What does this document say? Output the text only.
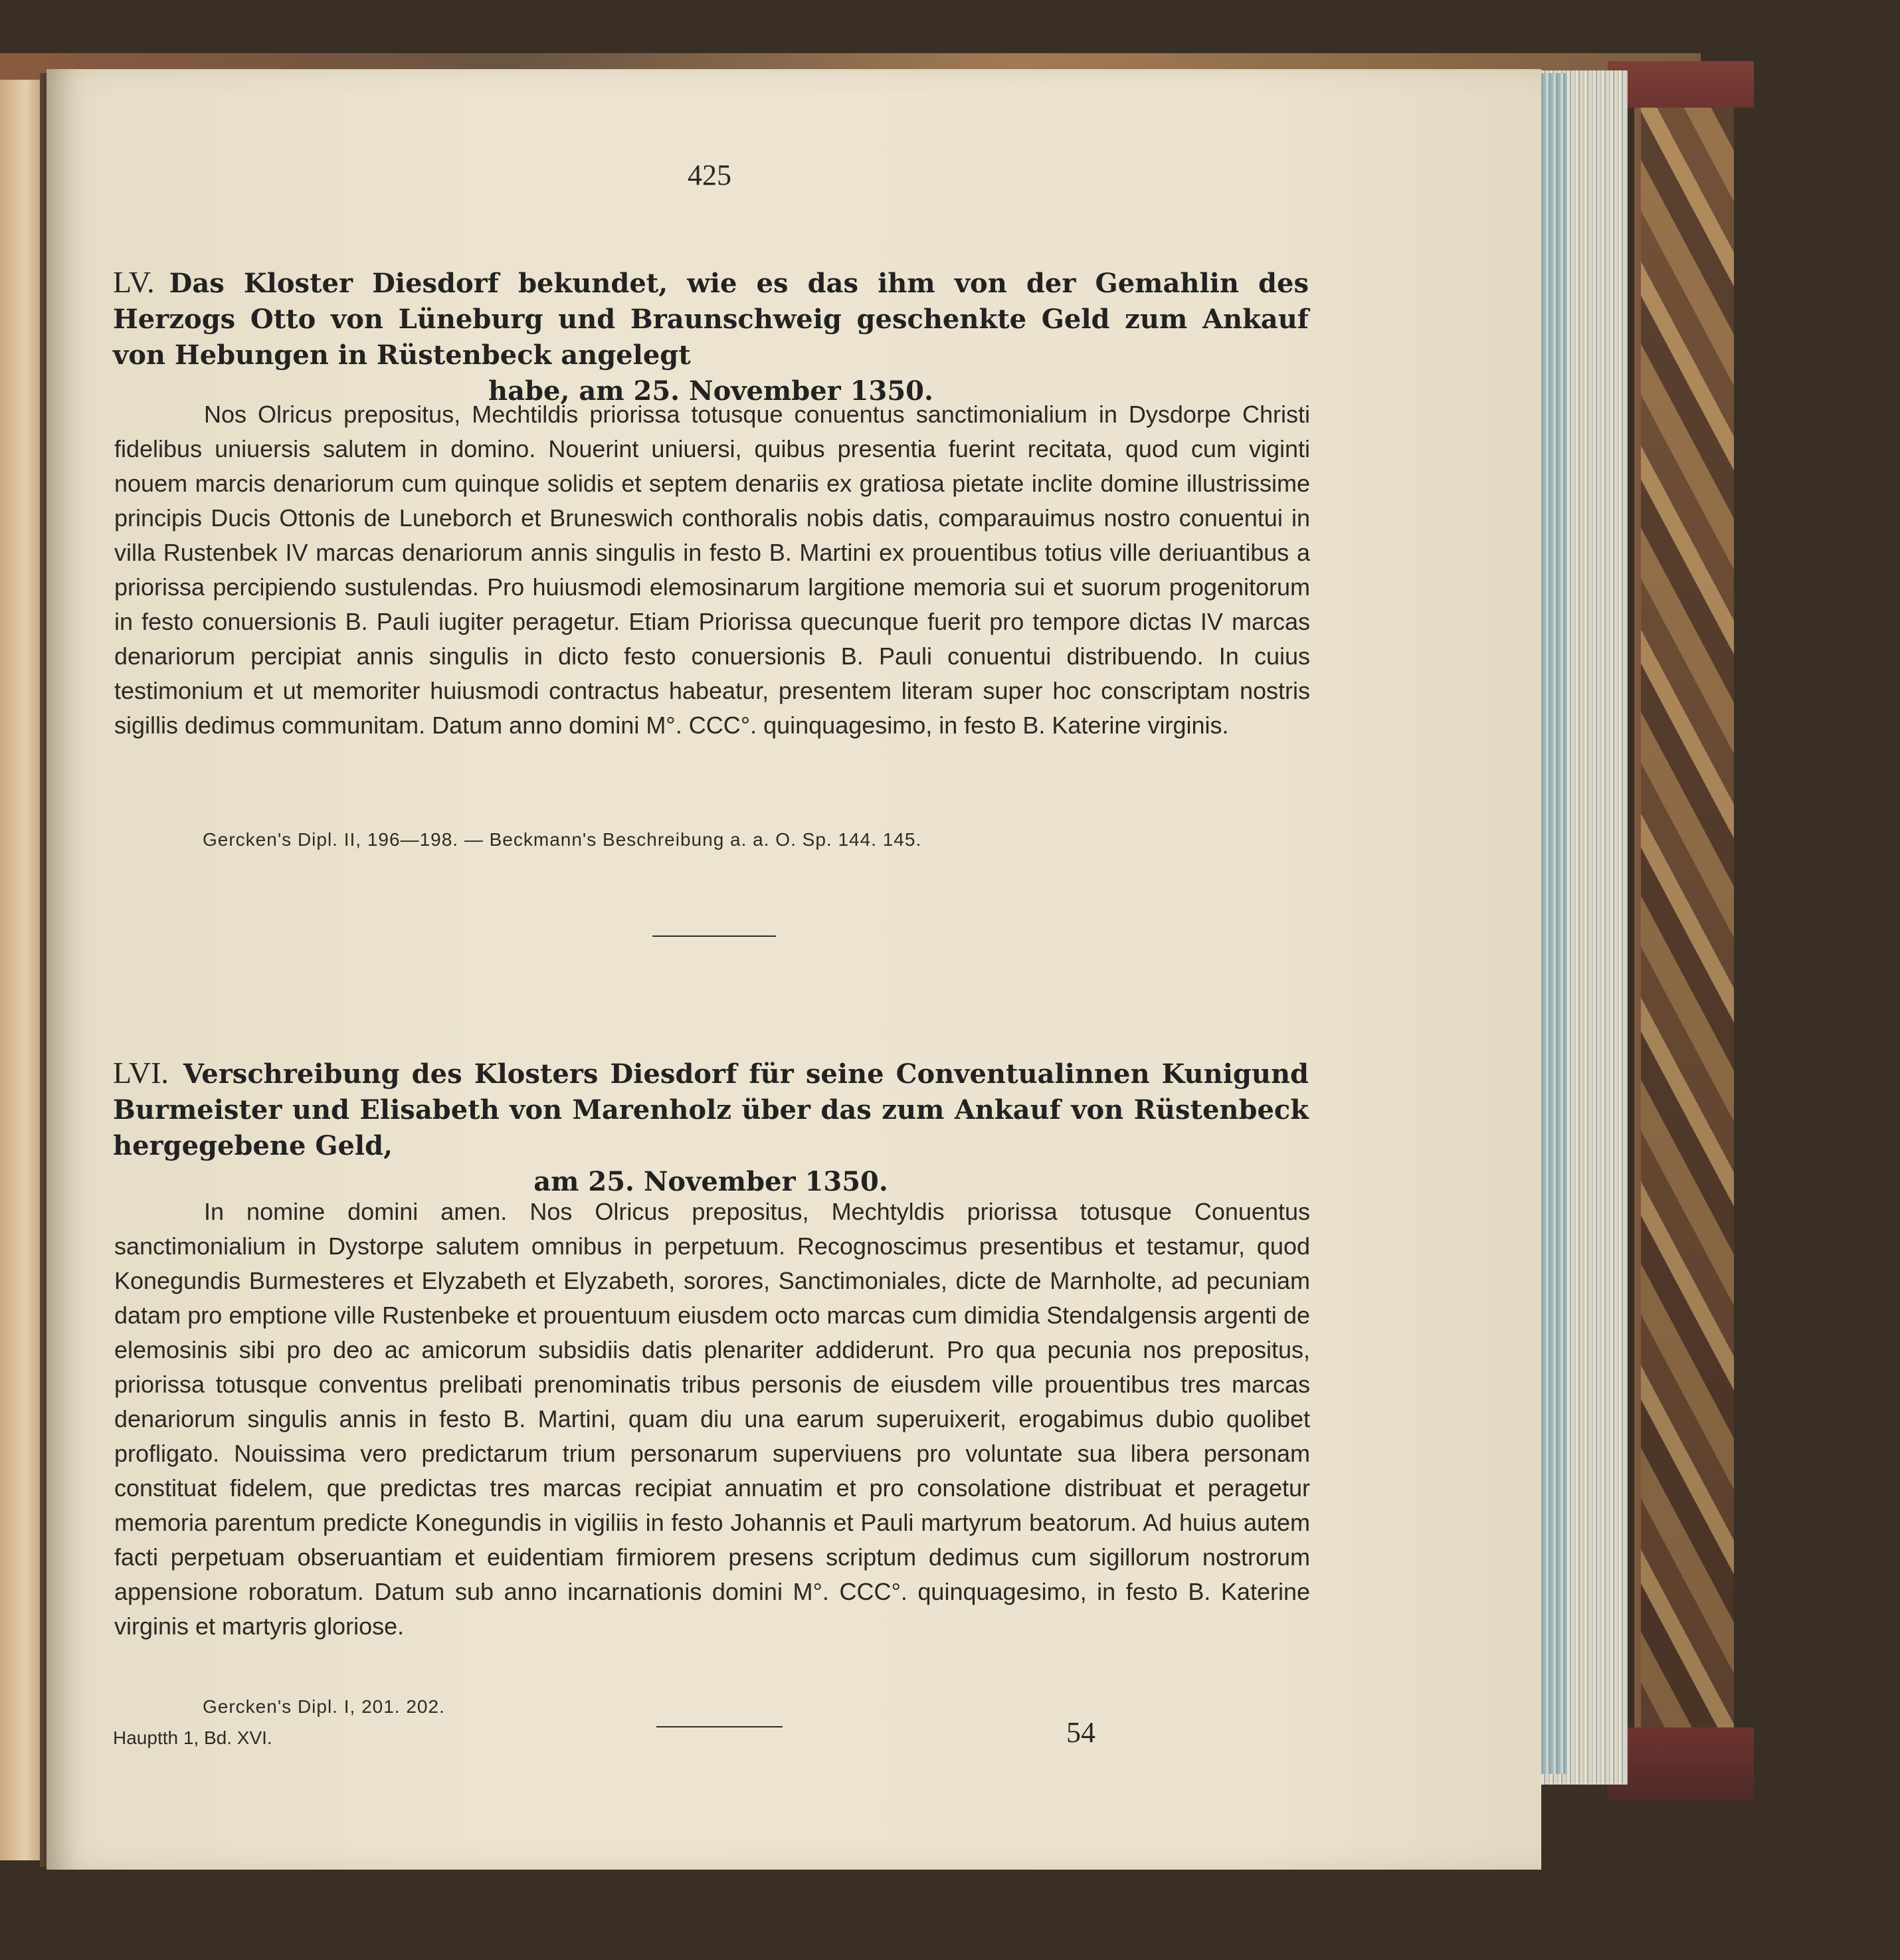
425
LV. Das Kloster Diesdorf bekundet, wie es das ihm von der Gemahlin des Herzogs Otto von Lüneburg und Braunschweig geschenkte Geld zum Ankauf von Hebungen in Rüstenbeck angelegt
habe, am 25. November 1350.

Nos Olricus prepositus, Mechtildis priorissa totusque conuentus sanctimonialium in Dysdorpe Christi fidelibus uniuersis salutem in domino. Nouerint uniuersi, quibus presentia fuerint recitata, quod cum viginti nouem marcis denariorum cum quinque solidis et septem denariis ex gratiosa pietate inclite domine illustrissime principis Ducis Ottonis de Luneborch et Bruneswich conthoralis nobis datis, comparauimus nostro conuentui in villa Rustenbek IV marcas denariorum annis singulis in festo B. Martini ex prouentibus totius ville deriuantibus a priorissa percipiendo sustulendas. Pro huiusmodi elemosinarum largitione memoria sui et suorum progenitorum in festo conuersionis B. Pauli iugiter peragetur. Etiam Priorissa quecunque fuerit pro tempore dictas IV marcas denariorum percipiat annis singulis in dicto festo conuersionis B. Pauli conuentui distribuendo. In cuius testimonium et ut memoriter huiusmodi contractus habeatur, presentem literam super hoc conscriptam nostris sigillis dedimus communitam. Datum anno domini M°. CCC°. quinquagesimo, in festo B. Katerine virginis.

Gercken's Dipl. II, 196—198. — Beckmann's Beschreibung a. a. O. Sp. 144. 145.
LVI. Verschreibung des Klosters Diesdorf für seine Conventualinnen Kunigund Burmeister und Elisabeth von Marenholz über das zum Ankauf von Rüstenbeck hergegebene Geld,
am 25. November 1350.

In nomine domini amen. Nos Olricus prepositus, Mechtyldis priorissa totusque Conuentus sanctimonialium in Dystorpe salutem omnibus in perpetuum. Recognoscimus presentibus et testamur, quod Konegundis Burmesteres et Elyzabeth et Elyzabeth, sorores, Sanctimoniales, dicte de Marnholte, ad pecuniam datam pro emptione ville Rustenbeke et prouentuum eiusdem octo marcas cum dimidia Stendalgensis argenti de elemosinis sibi pro deo ac amicorum subsidiis datis plenariter addiderunt. Pro qua pecunia nos prepositus, priorissa totusque conventus prelibati prenominatis tribus personis de eiusdem ville prouentibus tres marcas denariorum singulis annis in festo B. Martini, quam diu una earum superuixerit, erogabimus dubio quolibet profligato. Nouissima vero predictarum trium personarum superviuens pro voluntate sua libera personam constituat fidelem, que predictas tres marcas recipiat annuatim et pro consolatione distribuat et peragetur memoria parentum predicte Konegundis in vigiliis in festo Johannis et Pauli martyrum beatorum. Ad huius autem facti perpetuam obseruantiam et euidentiam firmiorem presens scriptum dedimus cum sigillorum nostrorum appensione roboratum. Datum sub anno incarnationis domini M°. CCC°. quinquagesimo, in festo B. Katerine virginis et martyris gloriose.

Gercken's Dipl. I, 201. 202.
Hauptth 1, Bd. XVI.	54
